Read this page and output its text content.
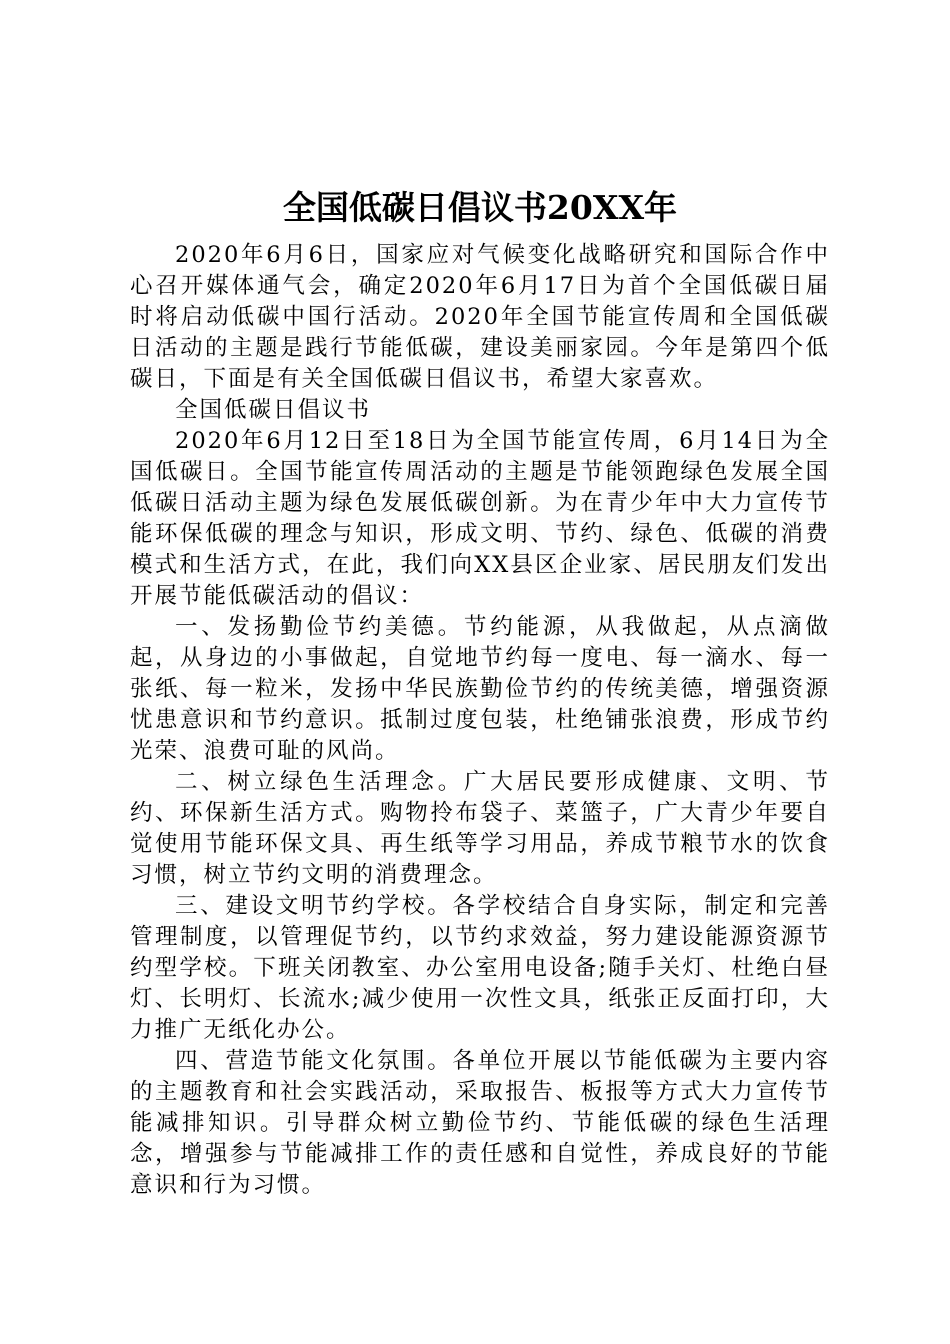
全国低碳日倡议书20XX年

2020年6月6日，国家应对气候变化战略研究和国际合作中心召开媒体通气会，确定2020年6月17日为首个全国低碳日届时将启动低碳中国行活动。2020年全国节能宣传周和全国低碳日活动的主题是践行节能低碳，建设美丽家园。今年是第四个低碳日，下面是有关全国低碳日倡议书，希望大家喜欢。

全国低碳日倡议书

2020年6月12日至18日为全国节能宣传周，6月14日为全国低碳日。全国节能宣传周活动的主题是节能领跑绿色发展全国低碳日活动主题为绿色发展低碳创新。为在青少年中大力宣传节能环保低碳的理念与知识，形成文明、节约、绿色、低碳的消费模式和生活方式，在此，我们向XX县区企业家、居民朋友们发出开展节能低碳活动的倡议：

一、发扬勤俭节约美德。节约能源，从我做起，从点滴做起，从身边的小事做起，自觉地节约每一度电、每一滴水、每一张纸、每一粒米，发扬中华民族勤俭节约的传统美德，增强资源忧患意识和节约意识。抵制过度包装，杜绝铺张浪费，形成节约光荣、浪费可耻的风尚。

二、树立绿色生活理念。广大居民要形成健康、文明、节约、环保新生活方式。购物拎布袋子、菜篮子，广大青少年要自觉使用节能环保文具、再生纸等学习用品，养成节粮节水的饮食习惯，树立节约文明的消费理念。

三、建设文明节约学校。各学校结合自身实际，制定和完善管理制度，以管理促节约，以节约求效益，努力建设能源资源节约型学校。下班关闭教室、办公室用电设备;随手关灯、杜绝白昼灯、长明灯、长流水;减少使用一次性文具，纸张正反面打印，大力推广无纸化办公。

四、营造节能文化氛围。各单位开展以节能低碳为主要内容的主题教育和社会实践活动，采取报告、板报等方式大力宣传节能减排知识。引导群众树立勤俭节约、节能低碳的绿色生活理念，增强参与节能减排工作的责任感和自觉性，养成良好的节能意识和行为习惯。
